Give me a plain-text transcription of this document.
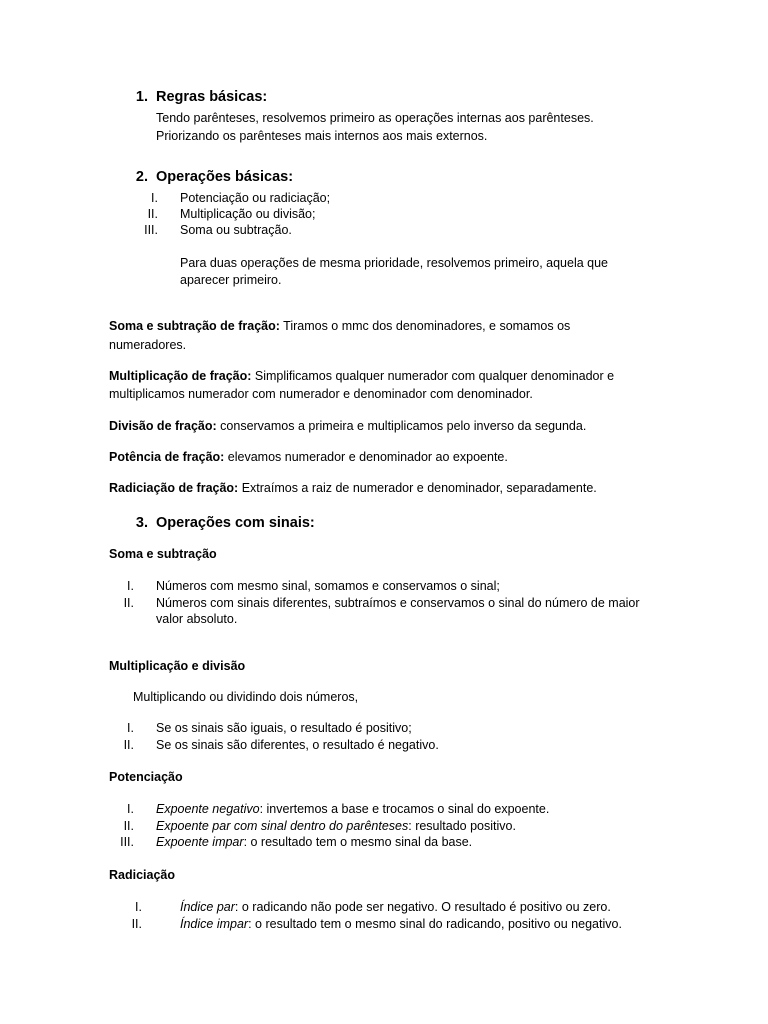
1. Regras básicas:
Tendo parênteses, resolvemos primeiro as operações internas aos parênteses.
Priorizando os parênteses mais internos aos mais externos.
2. Operações básicas:
I. Potenciação ou radiciação;
II. Multiplicação ou divisão;
III. Soma ou subtração.
Para duas operações de mesma prioridade, resolvemos primeiro, aquela que
aparecer primeiro.
Soma e subtração de fração: Tiramos o mmc dos denominadores, e somamos os
numeradores.
Multiplicação de fração: Simplificamos qualquer numerador com qualquer denominador e
multiplicamos numerador com numerador e denominador com denominador.
Divisão de fração: conservamos a primeira e multiplicamos pelo inverso da segunda.
Potência de fração: elevamos numerador e denominador ao expoente.
Radiciação de fração: Extraímos a raiz de numerador e denominador, separadamente.
3. Operações com sinais:
Soma e subtração
I. Números com mesmo sinal, somamos e conservamos o sinal;
II. Números com sinais diferentes, subtraímos e conservamos o sinal do número de maior
valor absoluto.
Multiplicação e divisão
Multiplicando ou dividindo dois números,
I. Se os sinais são iguais, o resultado é positivo;
II. Se os sinais são diferentes, o resultado é negativo.
Potenciação
I. Expoente negativo: invertemos a base e trocamos o sinal do expoente.
II. Expoente par com sinal dentro do parênteses: resultado positivo.
III. Expoente impar: o resultado tem o mesmo sinal da base.
Radiciação
I.	Índice par: o radicando não pode ser negativo. O resultado é positivo ou zero.
II.	Índice impar: o resultado tem o mesmo sinal do radicando, positivo ou negativo.
